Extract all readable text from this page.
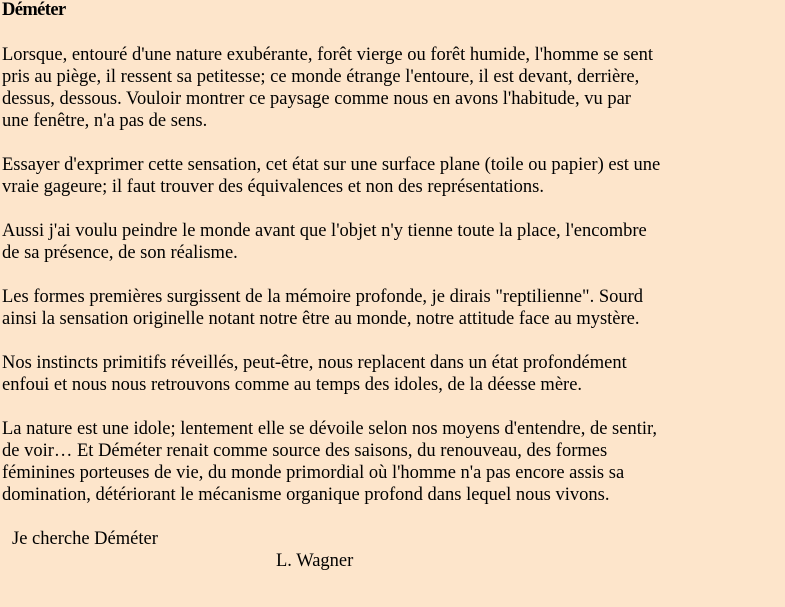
Déméter
Lorsque, entouré d'une nature exubérante, forêt vierge ou forêt humide, l'homme se sent
pris au piège, il ressent sa petitesse; ce monde étrange l'entoure, il est devant, derrière,
dessus, dessous. Vouloir montrer ce paysage comme nous en avons l'habitude, vu par
une fenêtre, n'a pas de sens.
Essayer d'exprimer cette sensation, cet état sur une surface plane (toile ou papier) est une
vraie gageure; il faut trouver des équivalences et non des représentations.
Aussi j'ai voulu peindre le monde avant que l'objet n'y tienne toute la place, l'encombre
de sa présence, de son réalisme.
Les formes premières surgissent de la mémoire profonde, je dirais "reptilienne". Sourd
ainsi la sensation originelle notant notre être au monde, notre attitude face au mystère.
Nos instincts primitifs réveillés, peut-être, nous replacent dans un état profondément
enfoui et nous nous retrouvons comme au temps des idoles, de la déesse mère.
La nature est une idole; lentement elle se dévoile selon nos moyens d'entendre, de sentir,
de voir… Et Déméter renait comme source des saisons, du renouveau, des formes
féminines porteuses de vie, du monde primordial où l'homme n'a pas encore assis sa
domination, détériorant le mécanisme organique profond dans lequel nous vivons.
Je cherche Déméter
L. Wagner
